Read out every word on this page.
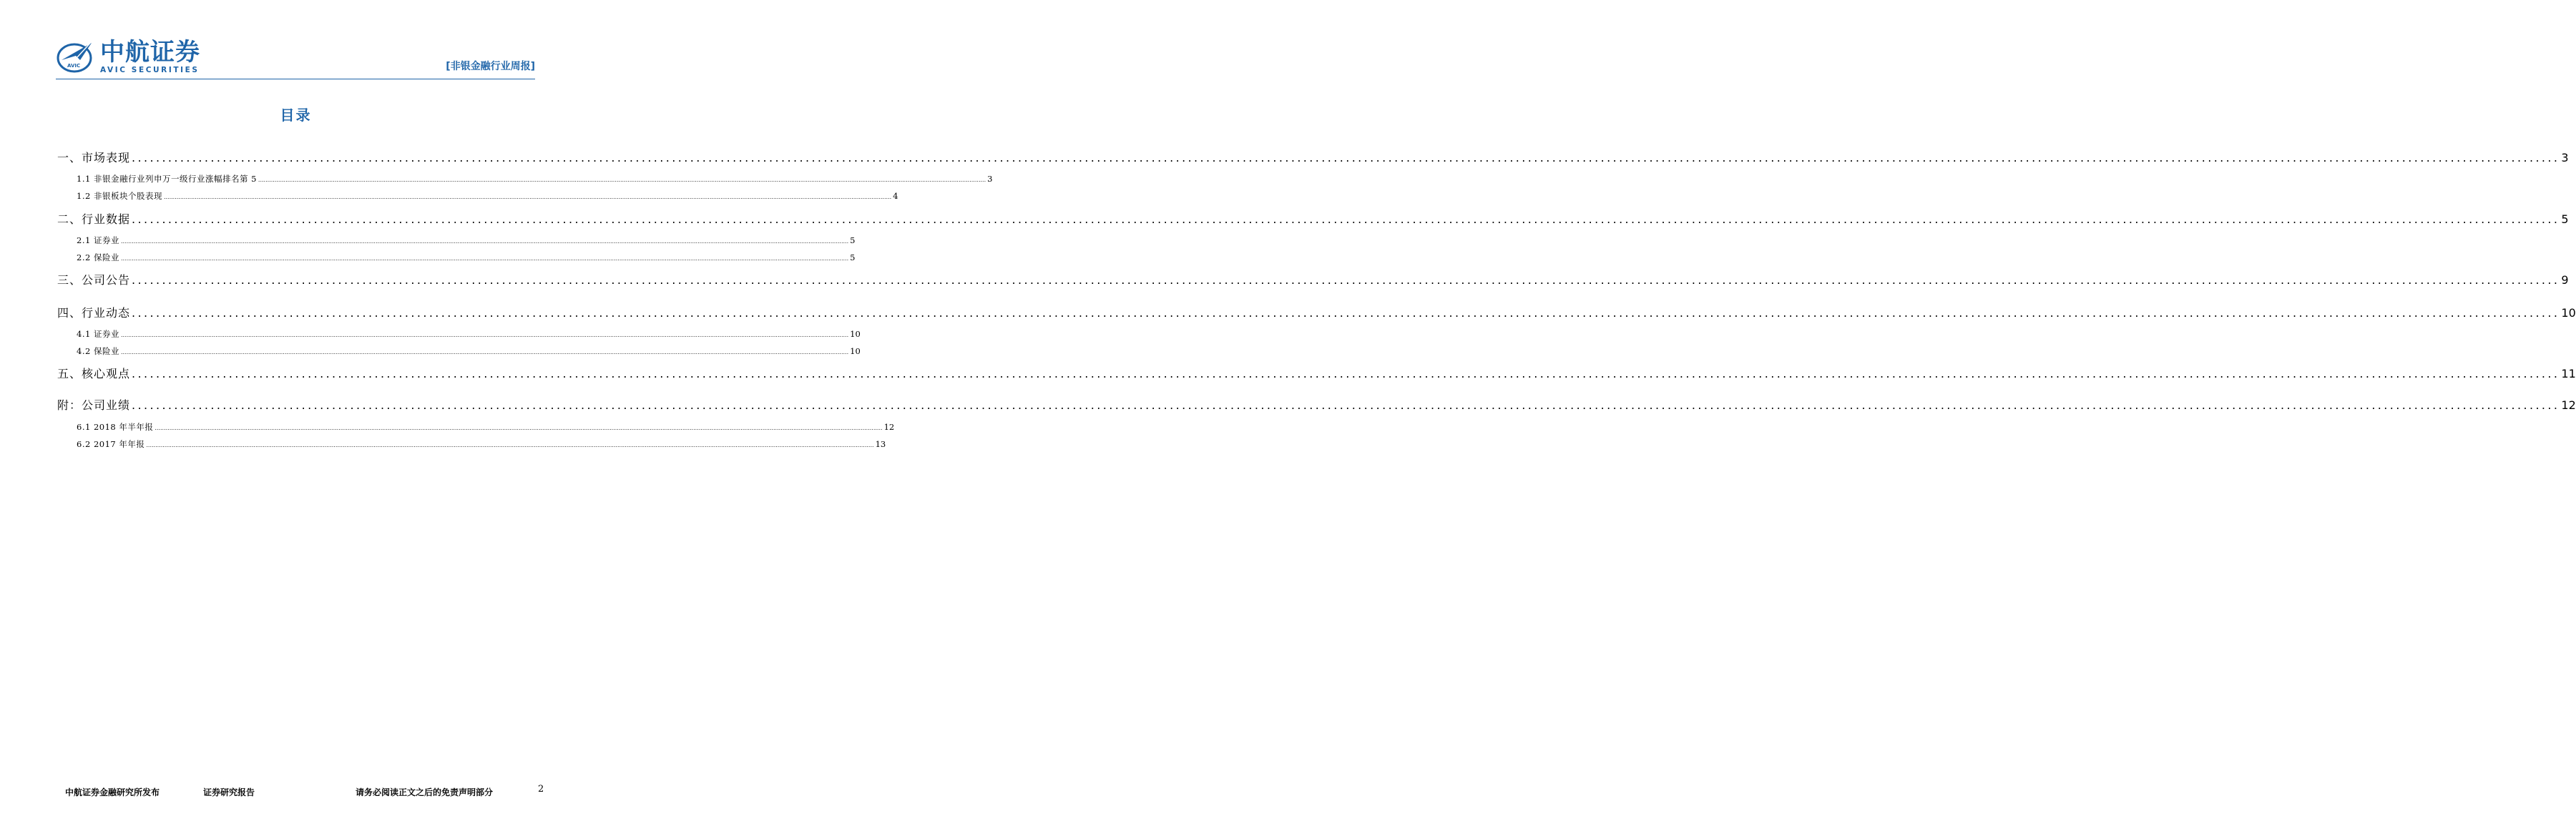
AVIC 中航证券
AVIC SECURITIES	[非银金融行业周报]
目录
一、市场表现 ................................................................................................................................................................................................................................................................................................................................................................................................................ 3
1.1 非银金融行业列申万一级行业涨幅排名第 5 ................................................................................................................................................................................................................................................................................................................................................................................................................ 3
1.2 非银板块个股表现 ................................................................................................................................................................................................................................................................................................................................................................................................................ 4
二、行业数据 ................................................................................................................................................................................................................................................................................................................................................................................................................ 5
2.1 证券业 ................................................................................................................................................................................................................................................................................................................................................................................................................ 5
2.2 保险业 ................................................................................................................................................................................................................................................................................................................................................................................................................ 5
三、公司公告 ................................................................................................................................................................................................................................................................................................................................................................................................................ 9
四、行业动态 ................................................................................................................................................................................................................................................................................................................................................................................................................ 10
4.1 证券业 ................................................................................................................................................................................................................................................................................................................................................................................................................ 10
4.2 保险业 ................................................................................................................................................................................................................................................................................................................................................................................................................ 10
五、核心观点 ................................................................................................................................................................................................................................................................................................................................................................................................................ 11
附：公司业绩 ................................................................................................................................................................................................................................................................................................................................................................................................................ 12
6.1 2018 年半年报 ................................................................................................................................................................................................................................................................................................................................................................................................................ 12
6.2 2017 年年报 ................................................................................................................................................................................................................................................................................................................................................................................................................ 13
中航证券金融研究所发布	证券研究报告	请务必阅读正文之后的免责声明部分	2
